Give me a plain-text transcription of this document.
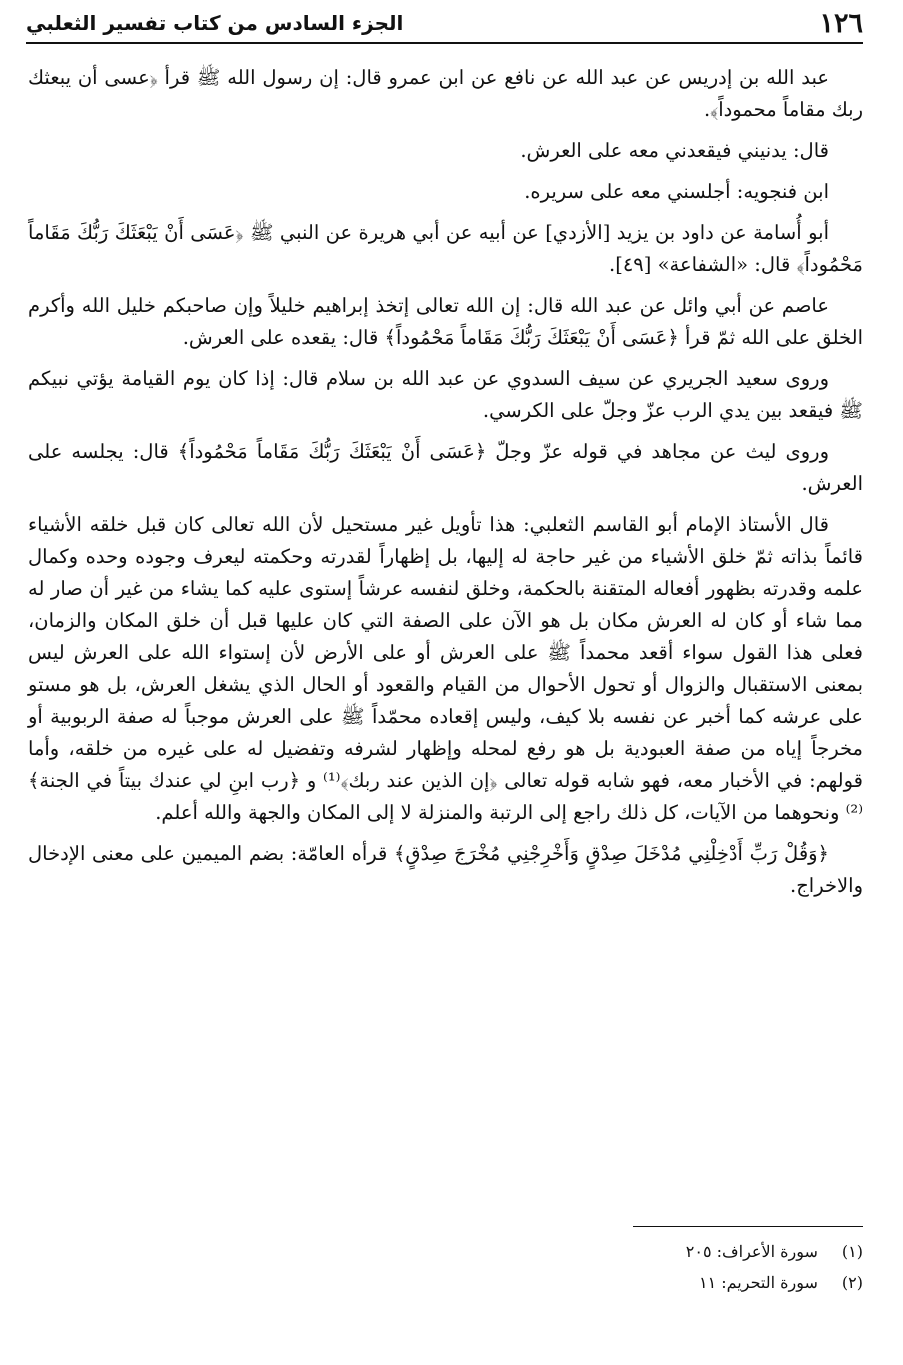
١٢٦
الجزء السادس من كتاب تفسير الثعلبي

عبد الله بن إدريس عن عبد الله عن نافع عن ابن عمرو قال: إن رسول الله ﷺ قرأ ﴿عسى أن يبعثك ربك مقاماً محموداً﴾.

قال: يدنيني فيقعدني معه على العرش.

ابن فنجويه: أجلسني معه على سريره.

أبو أُسامة عن داود بن يزيد [الأزدي] عن أبيه عن أبي هريرة عن النبي ﷺ ﴿عَسَى أَنْ يَبْعَثَكَ رَبُّكَ مَقَاماً مَحْمُوداً﴾ قال: «الشفاعة» [٤٩].

عاصم عن أبي وائل عن عبد الله قال: إن الله تعالى إتخذ إبراهيم خليلاً وإن صاحبكم خليل الله وأكرم الخلق على الله ثمّ قرأ ﴿عَسَى أَنْ يَبْعَثَكَ رَبُّكَ مَقَاماً مَحْمُوداً﴾ قال: يقعده على العرش.

وروى سعيد الجريري عن سيف السدوي عن عبد الله بن سلام قال: إذا كان يوم القيامة يؤتي نبيكم ﷺ فيقعد بين يدي الرب عزّ وجلّ على الكرسي.

وروى ليث عن مجاهد في قوله عزّ وجلّ ﴿عَسَى أَنْ يَبْعَثَكَ رَبُّكَ مَقَاماً مَحْمُوداً﴾ قال: يجلسه على العرش.

قال الأستاذ الإمام أبو القاسم الثعلبي: هذا تأويل غير مستحيل لأن الله تعالى كان قبل خلقه الأشياء قائماً بذاته ثمّ خلق الأشياء من غير حاجة له إليها، بل إظهاراً لقدرته وحكمته ليعرف وجوده وحده وكمال علمه وقدرته بظهور أفعاله المتقنة بالحكمة، وخلق لنفسه عرشاً إستوى عليه كما يشاء من غير أن صار له مما شاء أو كان له العرش مكان بل هو الآن على الصفة التي كان عليها قبل أن خلق المكان والزمان، فعلى هذا القول سواء أقعد محمداً ﷺ على العرش أو على الأرض لأن إستواء الله على العرش ليس بمعنى الاستقبال والزوال أو تحول الأحوال من القيام والقعود أو الحال الذي يشغل العرش، بل هو مستو على عرشه كما أخبر عن نفسه بلا كيف، وليس إقعاده محمّداً ﷺ على العرش موجباً له صفة الربوبية أو مخرجاً إياه من صفة العبودية بل هو رفع لمحله وإظهار لشرفه وتفضيل له على غيره من خلقه، وأما قولهم: في الأخبار معه، فهو شابه قوله تعالى ﴿إن الذين عند ربك﴾⁽¹⁾ و ﴿رب ابنِ لي عندك بيتاً في الجنة﴾⁽²⁾ ونحوهما من الآيات، كل ذلك راجع إلى الرتبة والمنزلة لا إلى المكان والجهة والله أعلم.

﴿وَقُلْ رَبِّ أَدْخِلْنِي مُدْخَلَ صِدْقٍ وَأَخْرِجْنِي مُخْرَجَ صِدْقٍ﴾ قرأه العامّة: بضم الميمين على معنى الإدخال والاخراج.

(١) سورة الأعراف: ٢٠٥

(٢) سورة التحريم: ١١
